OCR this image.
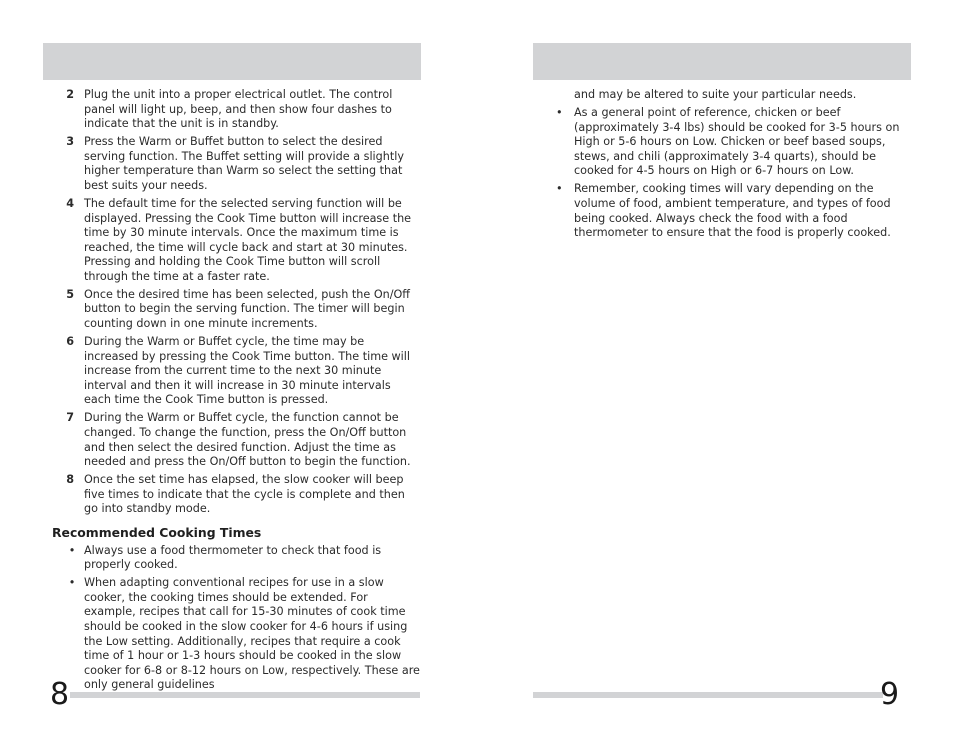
2 Plug the unit into a proper electrical outlet. The control panel will light up, beep, and then show four dashes to indicate that the unit is in standby.
3 Press the Warm or Buffet button to select the desired serving function. The Buffet setting will provide a slightly higher temperature than Warm so select the setting that best suits your needs.
4 The default time for the selected serving function will be displayed. Pressing the Cook Time button will increase the time by 30 minute intervals. Once the maximum time is reached, the time will cycle back and start at 30 minutes. Pressing and holding the Cook Time button will scroll through the time at a faster rate.
5 Once the desired time has been selected, push the On/Off button to begin the serving function. The timer will begin counting down in one minute increments.
6 During the Warm or Buffet cycle, the time may be increased by pressing the Cook Time button. The time will increase from the current time to the next 30 minute interval and then it will increase in 30 minute intervals each time the Cook Time button is pressed.
7 During the Warm or Buffet cycle, the function cannot be changed. To change the function, press the On/Off button and then select the desired function. Adjust the time as needed and press the On/Off button to begin the function.
8 Once the set time has elapsed, the slow cooker will beep five times to indicate that the cycle is complete and then go into standby mode.
Recommended Cooking Times
• Always use a food thermometer to check that food is properly cooked.
• When adapting conventional recipes for use in a slow cooker, the cooking times should be extended. For example, recipes that call for 15-30 minutes of cook time should be cooked in the slow cooker for 4-6 hours if using the Low setting. Additionally, recipes that require a cook time of 1 hour or 1-3 hours should be cooked in the slow cooker for 6-8 or 8-12 hours on Low, respectively. These are only general guidelines
and may be altered to suite your particular needs.
•	As a general point of reference, chicken or beef (approximately 3-4 lbs) should be cooked for 3-5 hours on High or 5-6 hours on Low. Chicken or beef based soups, stews, and chili (approximately 3-4 quarts), should be cooked for 4-5 hours on High or 6-7 hours on Low.
•	Remember, cooking times will vary depending on the volume of food, ambient temperature, and types of food being cooked. Always check the food with a food thermometer to ensure that the food is properly cooked.
8	9
